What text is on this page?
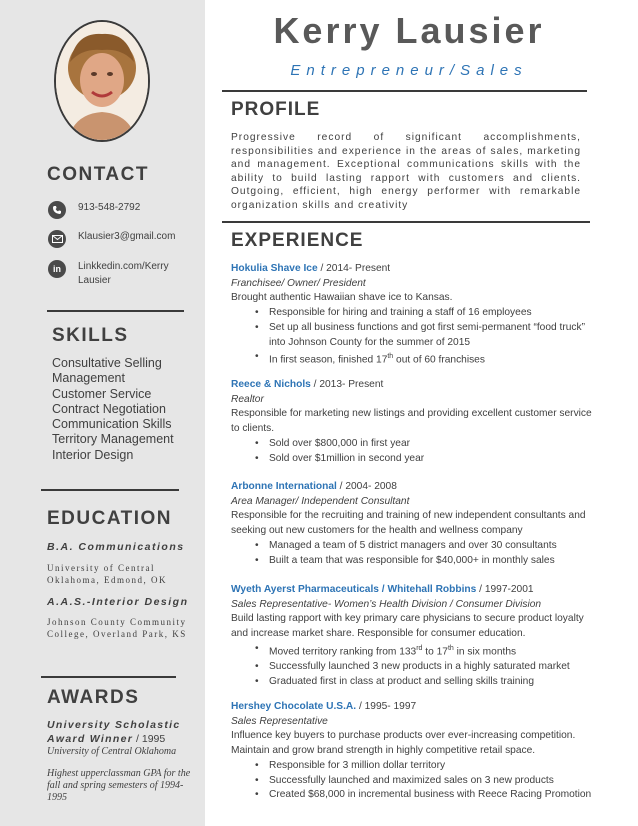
CONTACT
913-548-2792
Klausier3@gmail.com
in	Linkkedin.com/Kerry
Lausier
SKILLS
Consultative Selling
Management
Customer Service
Contract Negotiation
Communication Skills
Territory Management
Interior Design
EDUCATION
B.A. Communications
University of Central
Oklahoma, Edmond, OK
A.A.S.-Interior Design
Johnson County Community
College, Overland Park, KS
AWARDS
University Scholastic
Award Winner / 1995
University of Central Oklahoma
Highest upperclassman GPA for the fall and spring semesters of 1994- 1995
Kerry Lausier
Entrepreneur/Sales
PROFILE
Progressive record of significant accomplishments, responsibilities and experience in the areas of sales, marketing and management. Exceptional communications skills with the ability to build lasting rapport with customers and clients. Outgoing, efficient, high energy performer with remarkable organization skills and creativity
EXPERIENCE
Hokulia Shave Ice / 2014- Present
Franchisee/ Owner/ President
Brought authentic Hawaiian shave ice to Kansas.
• Responsible for hiring and training a staff of 16 employees
• Set up all business functions and got first semi-permanent “food truck” into Johnson County for the summer of 2015
• In first season, finished 17th out of 60 franchises
Reece & Nichols / 2013- Present
Realtor
Responsible for marketing new listings and providing excellent customer service to clients.
• Sold over $800,000 in first year
• Sold over $1million in second year
Arbonne International / 2004- 2008
Area Manager/ Independent Consultant
Responsible for the recruiting and training of new independent consultants and seeking out new customers for the health and wellness company
• Managed a team of 5 district managers and over 30 consultants
• Built a team that was responsible for $40,000+ in monthly sales
Wyeth Ayerst Pharmaceuticals / Whitehall Robbins / 1997-2001
Sales Representative- Women’s Health Division / Consumer Division
Build lasting rapport with key primary care physicians to secure product loyalty and increase market share. Responsible for consumer education.
• Moved territory ranking from 133rd to 17th in six months
• Successfully launched 3 new products in a highly saturated market
• Graduated first in class at product and selling skills training
Hershey Chocolate U.S.A. / 1995- 1997
Sales Representative
Influence key buyers to purchase products over ever-increasing competition. Maintain and grow brand strength in highly competitive retail space.
• Responsible for 3 million dollar territory
• Successfully launched and maximized sales on 3 new products
• Created $68,000 in incremental business with Reece Racing Promotion
